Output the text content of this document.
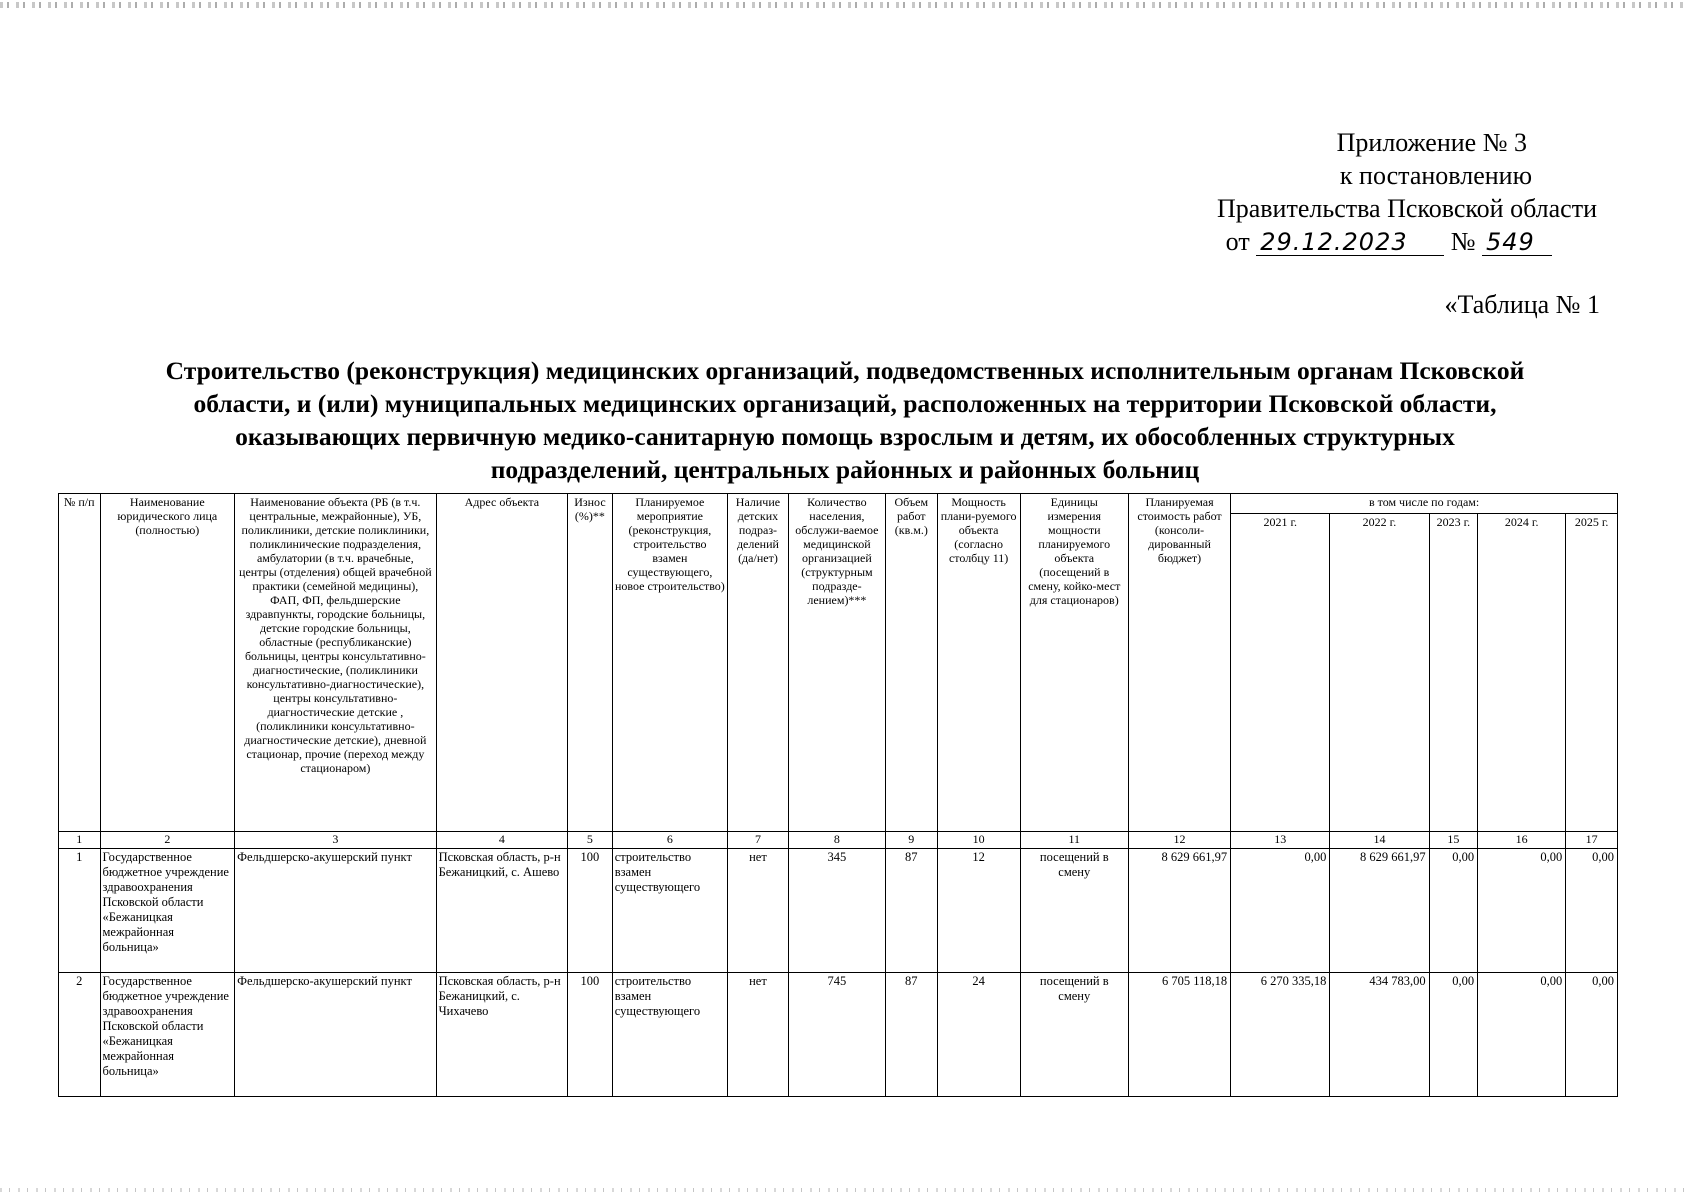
Приложение № 3
к постановлению
Правительства Псковской области
от 29.12.2023 № 549
«Таблица № 1
Строительство (реконструкция) медицинских организаций, подведомственных исполнительным органам Псковской
области, и (или) муниципальных медицинских организаций, расположенных на территории Псковской области,
оказывающих первичную медико-санитарную помощь взрослым и детям, их обособленных структурных
подразделений, центральных районных и районных больниц
№ п/п	Наименование юридического лица (полностью)	Наименование объекта (РБ (в т.ч. центральные, межрайонные), УБ, поликлиники, детские поликлиники, поликлинические подразделения, амбулатории (в т.ч. врачебные, центры (отделения) общей врачебной практики (семейной медицины), ФАП, ФП, фельдшерские здравпункты, городские больницы, детские городские больницы, областные (республиканские) больницы, центры консультативно-диагностические, (поликлиники консультативно-диагностические), центры консультативно-диагностические детские , (поликлиники консультативно-диагностические детские), дневной стационар, прочие (переход между стационаром)	Адрес объекта	Износ (%)**	Планируемое мероприятие (реконструкция, строительство взамен существующего, новое строительство)	Наличие детских подраз-делений (да/нет)	Количество населения, обслужи-ваемое медицинской организацией (структурным подразде-лением)***	Объем работ (кв.м.)	Мощность плани-руемого объекта (согласно столбцу 11)	Единицы измерения мощности планируемого объекта (посещений в смену, койко-мест для стационаров)	Планируемая стоимость работ (консоли-дированный бюджет)	в том числе по годам:				
												2021 г.	2022 г.	2023 г.	2024 г.	2025 г.
1	2	3	4	5	6	7	8	9	10	11	12	13	14	15	16	17
1	Государственное бюджетное учреждение здравоохранения Псковской области «Бежаницкая межрайонная больница»	Фельдшерско-акушерский пункт	Псковская область, р-н Бежаницкий, с. Ашево	100	строительство взамен существующего	нет	345	87	12	посещений в смену	8 629 661,97	0,00	8 629 661,97	0,00	0,00	0,00
2	Государственное бюджетное учреждение здравоохранения Псковской области «Бежаницкая межрайонная больница»	Фельдшерско-акушерский пункт	Псковская область, р-н Бежаницкий, с. Чихачево	100	строительство взамен существующего	нет	745	87	24	посещений в смену	6 705 118,18	6 270 335,18	434 783,00	0,00	0,00	0,00
